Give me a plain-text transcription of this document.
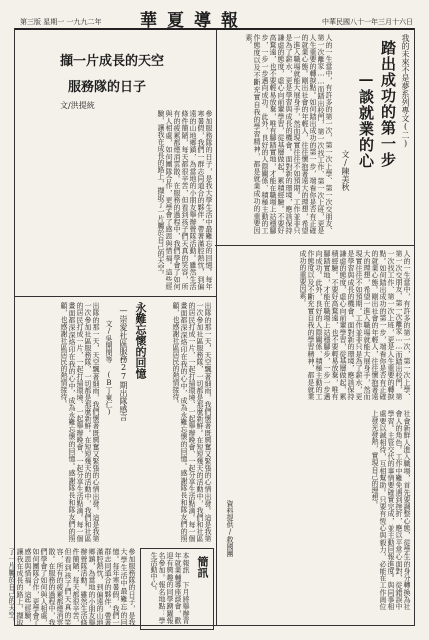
華夏導報	中華民國八十一年三月十六日
第三版 星期一 一九九二年
我的未來不是夢系列專文(二)
踏出成功的第一步
—談就業的心
文/陳美秋
人的一生當中，有許多的第一次，第一次上學、第一次交朋友、第一次離家……而踏出校門，第一次找工作、第一次上班，更是人生重要的轉捩點。如何踏出成功的第一步，端看你是否有正確的就業心態。剛出社會的年輕人，往往懷抱著遠大的理想，希望一進入職場就能大展身手，然而現實往往不如預期。工作並非只是為了薪水，更是學習與成長的機會。面對新的環境，應該保持謙虛的態度，虛心向前輩學習，從基層做起，累積經驗。不要好高騖遠，也不要輕易放棄，唯有腳踏實地，才能在職場上站穩腳步，一步一步邁向成功。此外，良好的人際關係、積極主動的工作態度以及不斷充實自我的學習精神，都是就業成功的重要因素。
人的一生當中，有許多的第一次，第一次上學、第一次交朋友、第一次離家……而踏出校門，第一次找工作、第一次上班，更是人生重要的轉捩點。如何踏出成功的第一步，端看你是否有正確的就業心態。剛出社會的年輕人，往往懷抱著遠大的理想，希望一進入職場就能大展身手，然而現實往往不如預期。工作並非只是為了薪水，更是學習與成長的機會。面對新的環境，應該保持謙虛的態度，虛心向前輩學習，從基層做起，累積經驗。不要好高騖遠，也不要輕易放棄，唯有腳踏實地，才能在職場上站穩腳步，一步一步邁向成功。此外，良好的人際關係、積極主動的工作態度以及不斷充實自我的學習精神，都是就業成功的重要因素。
社會新鮮人進入職場，首先要調整心態，從學生的身分轉換為社會人的角色。工作中難免遇到挫折，應以平常心面對，從錯誤中學習。主管交代的事情要確實完成，並主動回報進度。與同事相處要以誠相待，互相幫助。只要有恆心與毅力，必能在工作崗位上發光發熱，實現自己的理想。
資料提供/救國團
擷一片成長的天空
服務隊的日子
文/洪提統
參加服務隊的日子，是我大學生活中最難忘的回憶。每年寒暑假，我們一群志同道合的夥伴，帶著滿腔熱忱，到偏遠的山地鄉鎮，為當地的小朋友舉辦營隊活動。雖然生活條件簡陋，每天都很辛苦，但看到孩子們天真的笑容，所有的疲累都煙消雲散。在服務的過程中，我們學會了如何與人相處，如何團隊合作，更學會了感恩與惜福。這些經驗，讓我在成長的路上，擷取了一片屬於自己的天空。
永難忘懷的回憶
—崇愛社區服務27期出隊感言
文/吳開閔等 (B丁東仁)
出隊的那一天，天空飄著細雨，我們懷著既興奮又緊張的心情出發。這是我第一次參加社區服務隊，一切都是那麼新鮮。在短短幾天的活動中，我們和社區的居民打成一片，一起打掃環境、一起舉辦晚會、一起分享生活點滴。每一個畫面都深深烙印在我的心中，成為永難忘懷的回憶。感謝隊長和隊友們的照顧，也感謝社區居民的熱情接待。	出隊的那一天，天空飄著細雨，我們懷著既興奮又緊張的心情出發。這是我第一次參加社區服務隊，一切都是那麼新鮮。在短短幾天的活動中，我們和社區的居民打成一片，一起打掃環境、一起舉辦晚會、一起分享生活點滴。每一個畫面都深深烙印在我的心中，成為永難忘懷的回憶。感謝隊長和隊友們的照顧，也感謝社區居民的熱情接待。
簡訊
本報訊 下月將舉辦青年就業輔導座談會，歡迎有興趣的同學踴躍報名參加。報名地點：學生活動中心。
參加服務隊的日子，是我大學生活中最難忘的回憶。每年寒暑假，我們一群志同道合的夥伴，帶著滿腔熱忱，到偏遠的山地鄉鎮，為當地的小朋友舉辦營隊活動。雖然生活條件簡陋，每天都很辛苦，但看到孩子們天真的笑容，所有的疲累都煙消雲散。在服務的過程中，我們學會了如何與人相處，如何團隊合作，更學會了感恩與惜福。這些經驗，讓我在成長的路上，擷取了一片屬於自己的天空。
